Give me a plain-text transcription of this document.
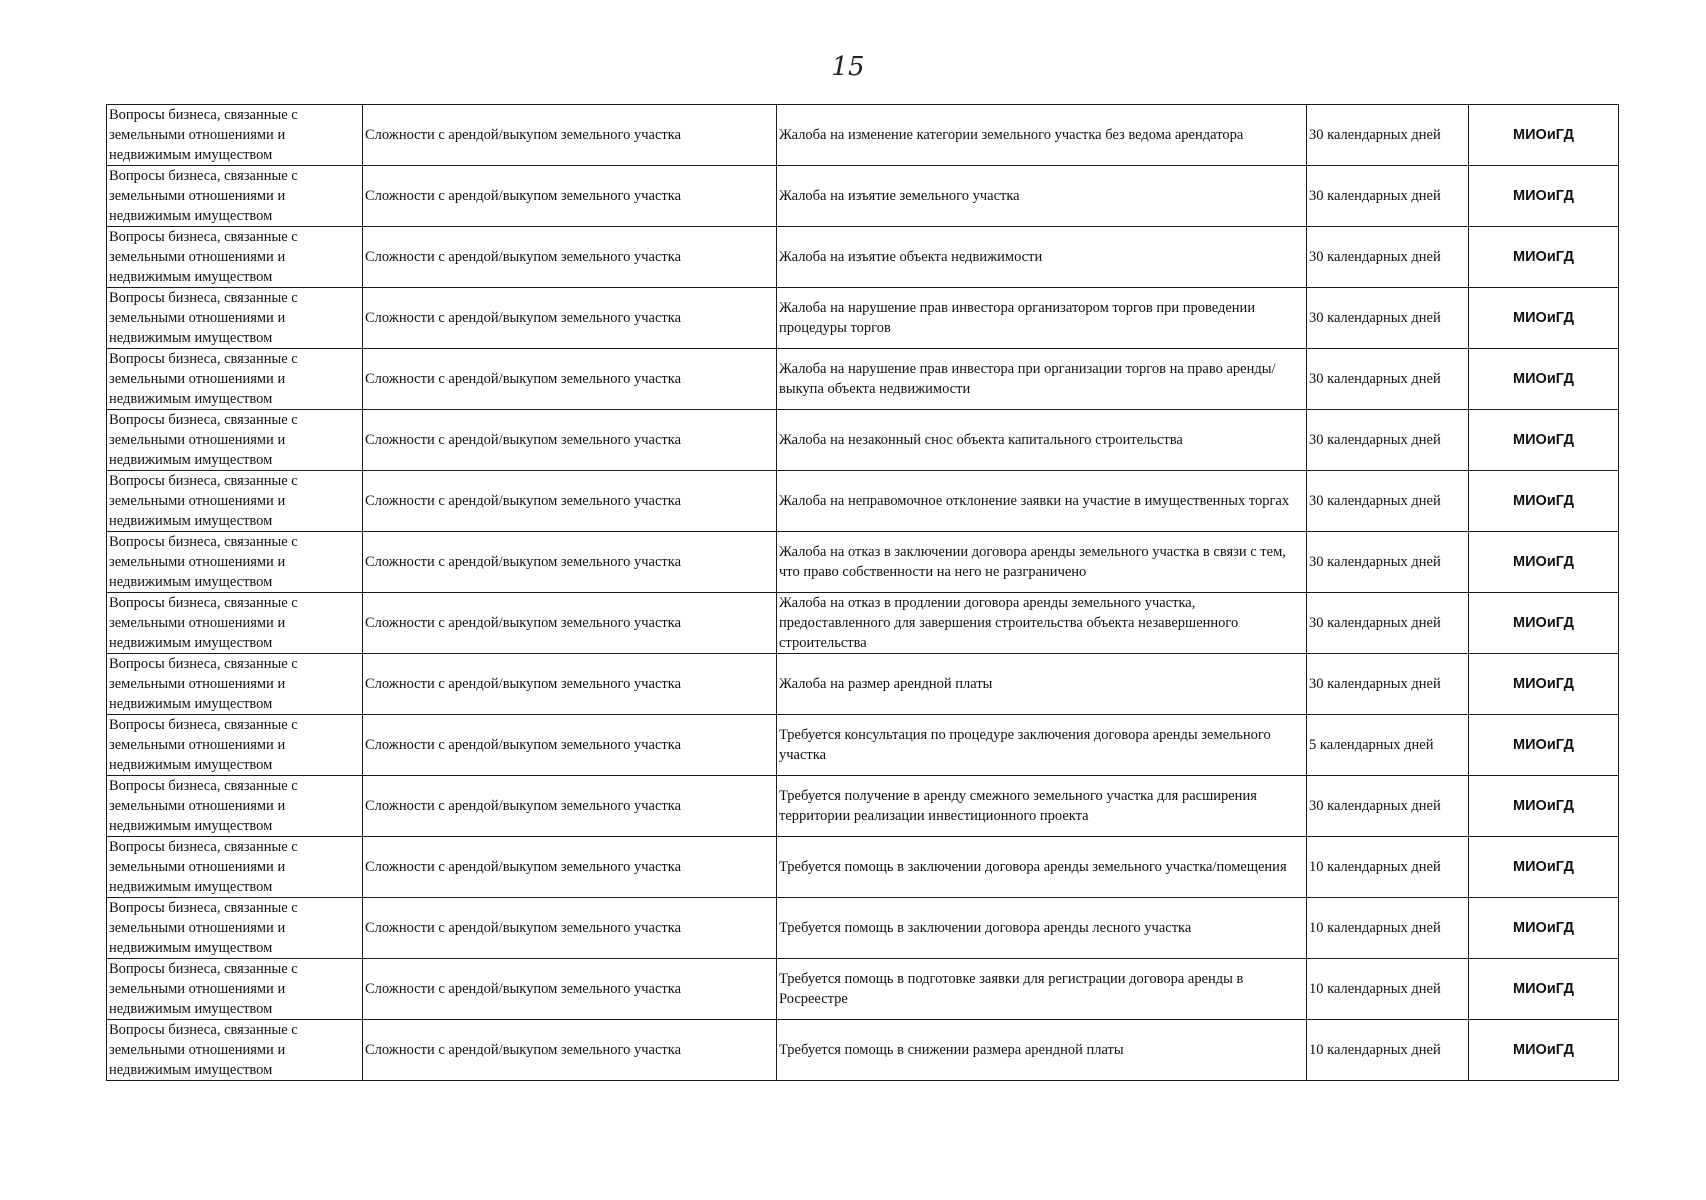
15
Вопросы бизнеса, связанные с земельными отношениями и недвижимым имуществом	Сложности с арендой/выкупом земельного участка	Жалоба на изменение категории земельного участка без ведома арендатора	30 календарных дней	МИОиГД
Вопросы бизнеса, связанные с земельными отношениями и недвижимым имуществом	Сложности с арендой/выкупом земельного участка	Жалоба на изъятие земельного участка	30 календарных дней	МИОиГД
Вопросы бизнеса, связанные с земельными отношениями и недвижимым имуществом	Сложности с арендой/выкупом земельного участка	Жалоба на изъятие объекта недвижимости	30 календарных дней	МИОиГД
Вопросы бизнеса, связанные с земельными отношениями и недвижимым имуществом	Сложности с арендой/выкупом земельного участка	Жалоба на нарушение прав инвестора организатором торгов при проведении процедуры торгов	30 календарных дней	МИОиГД
Вопросы бизнеса, связанные с земельными отношениями и недвижимым имуществом	Сложности с арендой/выкупом земельного участка	Жалоба на нарушение прав инвестора при организации торгов на право аренды/выкупа объекта недвижимости	30 календарных дней	МИОиГД
Вопросы бизнеса, связанные с земельными отношениями и недвижимым имуществом	Сложности с арендой/выкупом земельного участка	Жалоба на незаконный снос объекта капитального строительства	30 календарных дней	МИОиГД
Вопросы бизнеса, связанные с земельными отношениями и недвижимым имуществом	Сложности с арендой/выкупом земельного участка	Жалоба на неправомочное отклонение заявки на участие в имущественных торгах	30 календарных дней	МИОиГД
Вопросы бизнеса, связанные с земельными отношениями и недвижимым имуществом	Сложности с арендой/выкупом земельного участка	Жалоба на отказ в заключении договора аренды земельного участка в связи с тем, что право собственности на него не разграничено	30 календарных дней	МИОиГД
Вопросы бизнеса, связанные с земельными отношениями и недвижимым имуществом	Сложности с арендой/выкупом земельного участка	Жалоба на отказ в продлении договора аренды земельного участка, предоставленного для завершения строительства объекта незавершенного строительства	30 календарных дней	МИОиГД
Вопросы бизнеса, связанные с земельными отношениями и недвижимым имуществом	Сложности с арендой/выкупом земельного участка	Жалоба на размер арендной платы	30 календарных дней	МИОиГД
Вопросы бизнеса, связанные с земельными отношениями и недвижимым имуществом	Сложности с арендой/выкупом земельного участка	Требуется консультация по процедуре заключения договора аренды земельного участка	5 календарных дней	МИОиГД
Вопросы бизнеса, связанные с земельными отношениями и недвижимым имуществом	Сложности с арендой/выкупом земельного участка	Требуется получение в аренду смежного земельного участка для расширения территории реализации инвестиционного проекта	30 календарных дней	МИОиГД
Вопросы бизнеса, связанные с земельными отношениями и недвижимым имуществом	Сложности с арендой/выкупом земельного участка	Требуется помощь в заключении договора аренды земельного участка/помещения	10 календарных дней	МИОиГД
Вопросы бизнеса, связанные с земельными отношениями и недвижимым имуществом	Сложности с арендой/выкупом земельного участка	Требуется помощь в заключении договора аренды лесного участка	10 календарных дней	МИОиГД
Вопросы бизнеса, связанные с земельными отношениями и недвижимым имуществом	Сложности с арендой/выкупом земельного участка	Требуется помощь в подготовке заявки для регистрации договора аренды в Росреестре	10 календарных дней	МИОиГД
Вопросы бизнеса, связанные с земельными отношениями и недвижимым имуществом	Сложности с арендой/выкупом земельного участка	Требуется помощь в снижении размера арендной платы	10 календарных дней	МИОиГД
